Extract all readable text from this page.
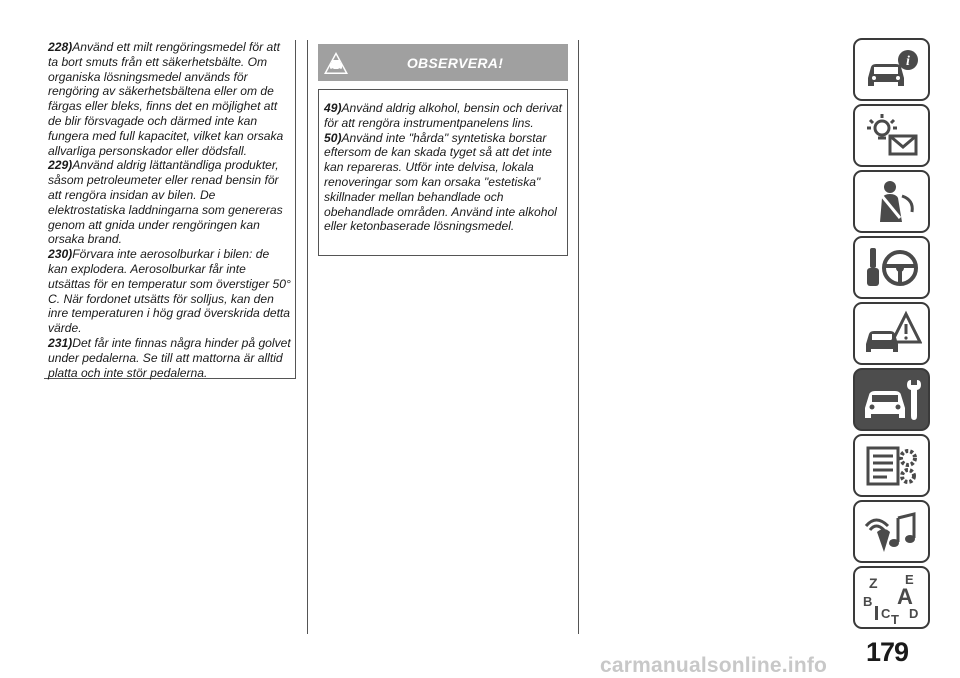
228)Använd ett milt rengöringsmedel för att ta bort smuts från ett säkerhetsbälte. Om organiska lösningsmedel används för rengöring av säkerhetsbältena eller om de färgas eller bleks, finns det en möjlighet att de blir försvagade och därmed inte kan fungera med full kapacitet, vilket kan orsaka allvarliga personskador eller dödsfall.

229)Använd aldrig lättantändliga produkter, såsom petroleumeter eller renad bensin för att rengöra insidan av bilen. De elektrostatiska laddningarna som genereras genom att gnida under rengöringen kan orsaka brand.

230)Förvara inte aerosolburkar i bilen: de kan explodera. Aerosolburkar får inte utsättas för en temperatur som överstiger 50° C. När fordonet utsätts för solljus, kan den inre temperaturen i hög grad överskrida detta värde.

231)Det får inte finnas några hinder på golvet under pedalerna. Se till att mattorna är alltid platta och inte stör pedalerna.

OBSERVERA!

49)Använd aldrig alkohol, bensin och derivat för att rengöra instrumentpanelens lins.

50)Använd inte "hårda" syntetiska borstar eftersom de kan skada tyget så att det inte kan repareras. Utför inte delvisa, lokala renoveringar som kan orsaka "estetiska" skillnader mellan behandlade och obehandlade områden. Använd inte alkohol eller ketonbaserade lösningsmedel.

i
Z E
B A
C D
T
179
carmanualsonline.info
